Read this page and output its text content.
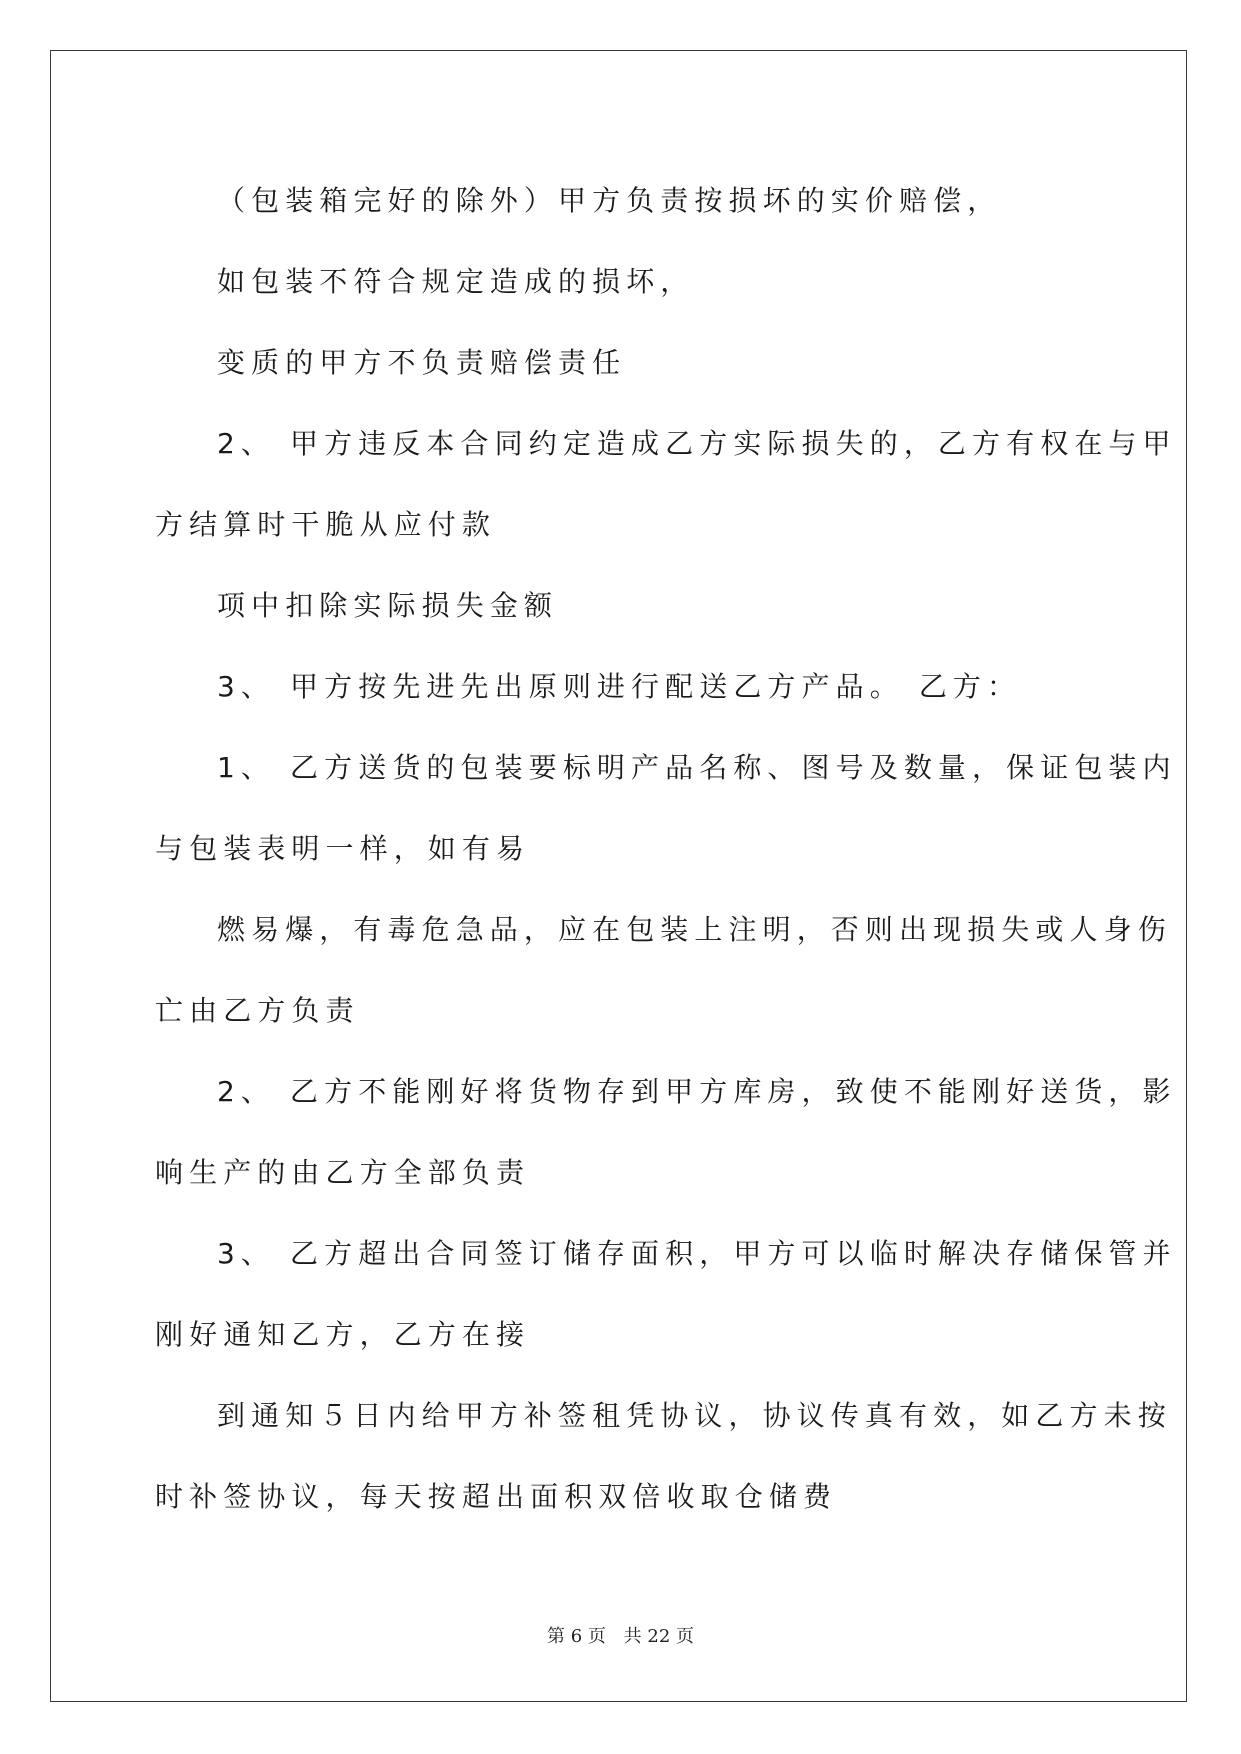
（包装箱完好的除外）甲方负责按损坏的实价赔偿，
如包装不符合规定造成的损坏，
变质的甲方不负责赔偿责任
2、 甲方违反本合同约定造成乙方实际损失的，乙方有权在与甲
方结算时干脆从应付款
项中扣除实际损失金额
3、 甲方按先进先出原则进行配送乙方产品。 乙方：
1、 乙方送货的包装要标明产品名称、图号及数量，保证包装内
与包装表明一样，如有易
燃易爆，有毒危急品，应在包装上注明，否则出现损失或人身伤
亡由乙方负责
2、 乙方不能刚好将货物存到甲方库房，致使不能刚好送货，影
响生产的由乙方全部负责
3、 乙方超出合同签订储存面积，甲方可以临时解决存储保管并
刚好通知乙方，乙方在接
到通知５日内给甲方补签租凭协议，协议传真有效，如乙方未按
时补签协议，每天按超出面积双倍收取仓储费
第 6 页 共 22 页
